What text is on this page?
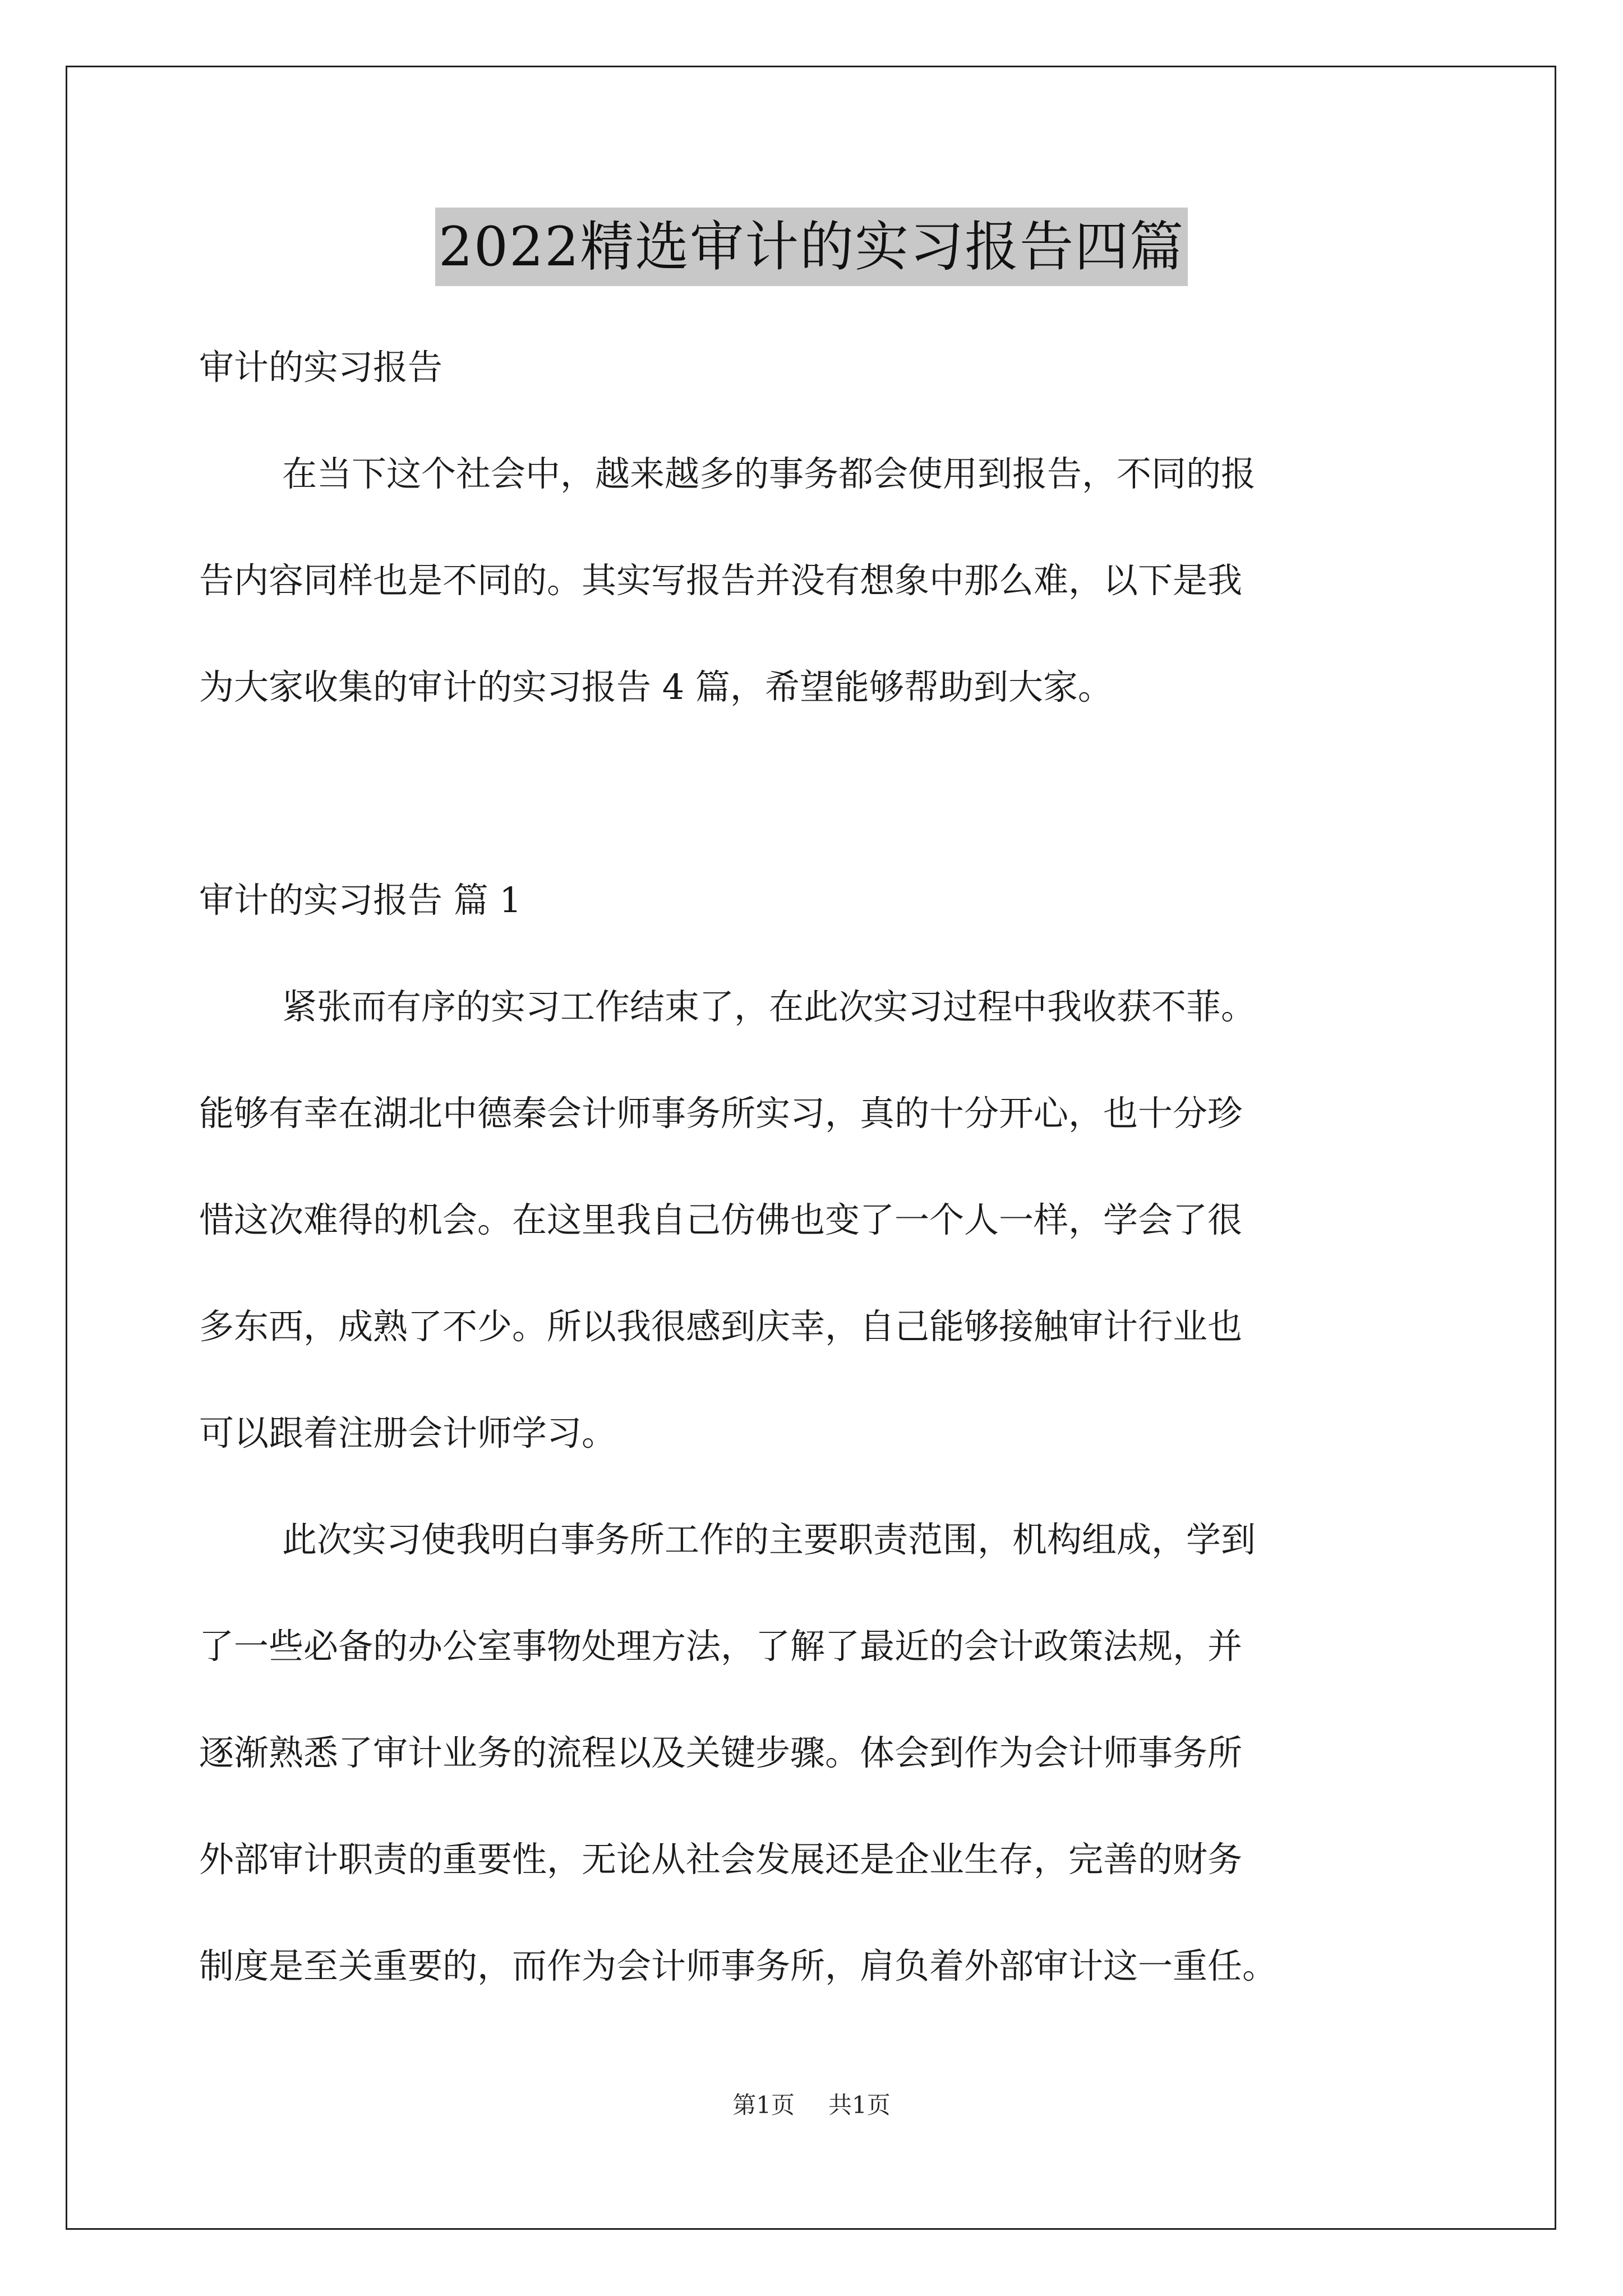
2022精选审计的实习报告四篇

审计的实习报告

在当下这个社会中，越来越多的事务都会使用到报告，不同的报

告内容同样也是不同的。其实写报告并没有想象中那么难，以下是我

为大家收集的审计的实习报告 4 篇，希望能够帮助到大家。

审计的实习报告 篇 1

紧张而有序的实习工作结束了，在此次实习过程中我收获不菲。

能够有幸在湖北中德秦会计师事务所实习，真的十分开心，也十分珍

惜这次难得的机会。在这里我自己仿佛也变了一个人一样，学会了很

多东西，成熟了不少。所以我很感到庆幸，自己能够接触审计行业也

可以跟着注册会计师学习。

此次实习使我明白事务所工作的主要职责范围，机构组成，学到

了一些必备的办公室事物处理方法，了解了最近的会计政策法规，并

逐渐熟悉了审计业务的流程以及关键步骤。体会到作为会计师事务所

外部审计职责的重要性，无论从社会发展还是企业生存，完善的财务

制度是至关重要的，而作为会计师事务所，肩负着外部审计这一重任。

第1页 共1页
